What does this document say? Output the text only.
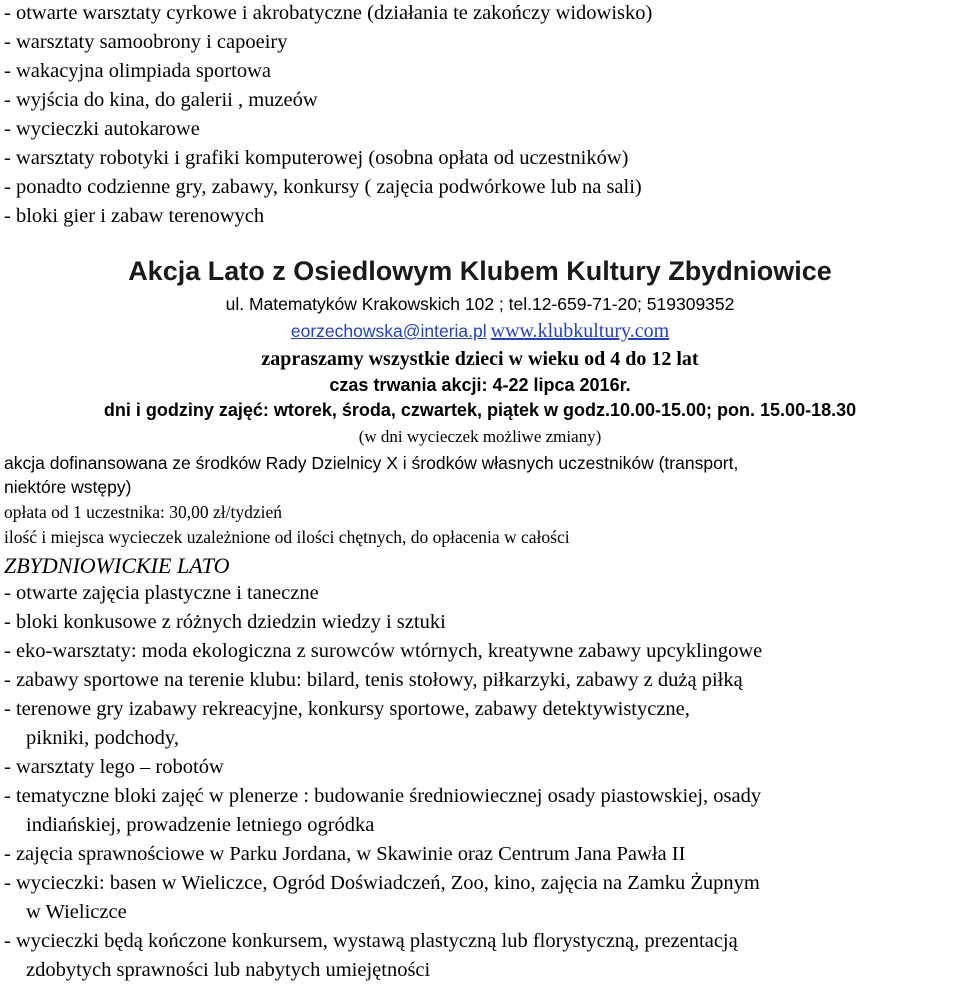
- otwarte warsztaty cyrkowe i akrobatyczne (działania te zakończy widowisko)
- warsztaty samoobrony i capoeiry
- wakacyjna olimpiada sportowa
- wyjścia do kina, do galerii , muzeów
- wycieczki autokarowe
- warsztaty robotyki i grafiki komputerowej (osobna opłata od uczestników)
- ponadto codzienne gry, zabawy, konkursy ( zajęcia podwórkowe lub na sali)
- bloki gier i zabaw terenowych
Akcja Lato z Osiedlowym Klubem Kultury Zbydniowice
ul. Matematyków Krakowskich 102 ; tel.12-659-71-20; 519309352
eorzechowska@interia.pl www.klubkultury.com
zapraszamy wszystkie dzieci w wieku od 4 do 12 lat
czas trwania akcji: 4-22 lipca 2016r.
dni i godziny zajęć: wtorek, środa, czwartek, piątek w godz.10.00-15.00; pon. 15.00-18.30
(w dni wycieczek możliwe zmiany)
akcja dofinansowana ze środków Rady Dzielnicy X i środków własnych uczestników (transport,
niektóre wstępy)
opłata od 1 uczestnika: 30,00 zł/tydzień
ilość i miejsca wycieczek uzależnione od ilości chętnych, do opłacenia w całości
ZBYDNIOWICKIE LATO
- otwarte zajęcia plastyczne i taneczne
- bloki konkusowe z różnych dziedzin wiedzy i sztuki
- eko-warsztaty: moda ekologiczna z surowców wtórnych, kreatywne zabawy upcyklingowe
- zabawy sportowe na terenie klubu: bilard, tenis stołowy, piłkarzyki, zabawy z dużą piłką
- terenowe gry izabawy rekreacyjne, konkursy sportowe, zabawy detektywistyczne,
pikniki, podchody,
- warsztaty lego – robotów
- tematyczne bloki zajęć w plenerze : budowanie średniowiecznej osady piastowskiej, osady
indiańskiej, prowadzenie letniego ogródka
- zajęcia sprawnościowe w Parku Jordana, w Skawinie oraz Centrum Jana Pawła II
- wycieczki: basen w Wieliczce, Ogród Doświadczeń, Zoo, kino, zajęcia na Zamku Żupnym
w Wieliczce
- wycieczki będą kończone konkursem, wystawą plastyczną lub florystyczną, prezentacją
zdobytych sprawności lub nabytych umiejętności
